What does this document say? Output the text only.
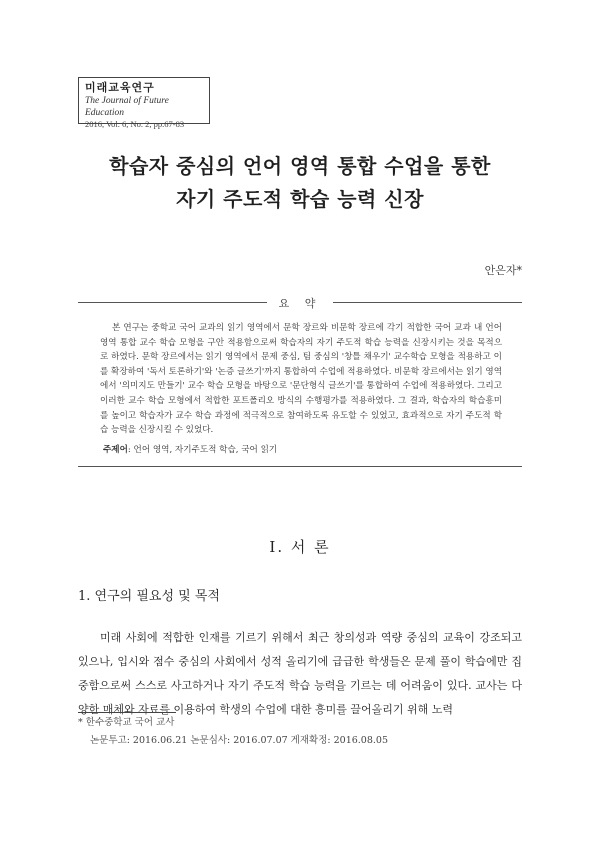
미래교육연구
The Journal of Future Education
2016, Vol. 6, No. 2, pp.67-83
학습자 중심의 언어 영역 통합 수업을 통한
자기 주도적 학습 능력 신장
안은자*
요 약

본 연구는 중학교 국어 교과의 읽기 영역에서 문학 장르와 비문학 장르에 각기 적합한 국어 교과 내 언어 영역 통합 교수 학습 모형을 구안 적용함으로써 학습자의 자기 주도적 학습 능력을 신장시키는 것을 목적으로 하였다. 문학 장르에서는 읽기 영역에서 문제 중심, 팀 중심의 '창틀 채우기' 교수학습 모형을 적용하고 이를 확장하여 '독서 토론하기'와 '논증 글쓰기'까지 통합하여 수업에 적용하였다. 비문학 장르에서는 읽기 영역에서 '의미지도 만들기' 교수 학습 모형을 바탕으로 '문단형식 글쓰기'를 통합하여 수업에 적용하였다. 그리고 이러한 교수 학습 모형에서 적합한 포트폴리오 방식의 수행평가를 적용하였다. 그 결과, 학습자의 학습흥미를 높이고 학습자가 교수 학습 과정에 적극적으로 참여하도록 유도할 수 있었고, 효과적으로 자기 주도적 학습 능력을 신장시킬 수 있었다.

주제어: 언어 영역, 자기주도적 학습, 국어 읽기
I. 서 론
1. 연구의 필요성 및 목적

미래 사회에 적합한 인재를 기르기 위해서 최근 창의성과 역량 중심의 교육이 강조되고 있으나, 입시와 점수 중심의 사회에서 성적 올리기에 급급한 학생들은 문제 풀이 학습에만 집중함으로써 스스로 사고하거나 자기 주도적 학습 능력을 기르는 데 어려움이 있다. 교사는 다양한 매체와 자료를 이용하여 학생의 수업에 대한 흥미를 끌어올리기 위해 노력

* 한수중학교 국어 교사
논문투고: 2016.06.21 논문심사: 2016.07.07 게재확정: 2016.08.05
